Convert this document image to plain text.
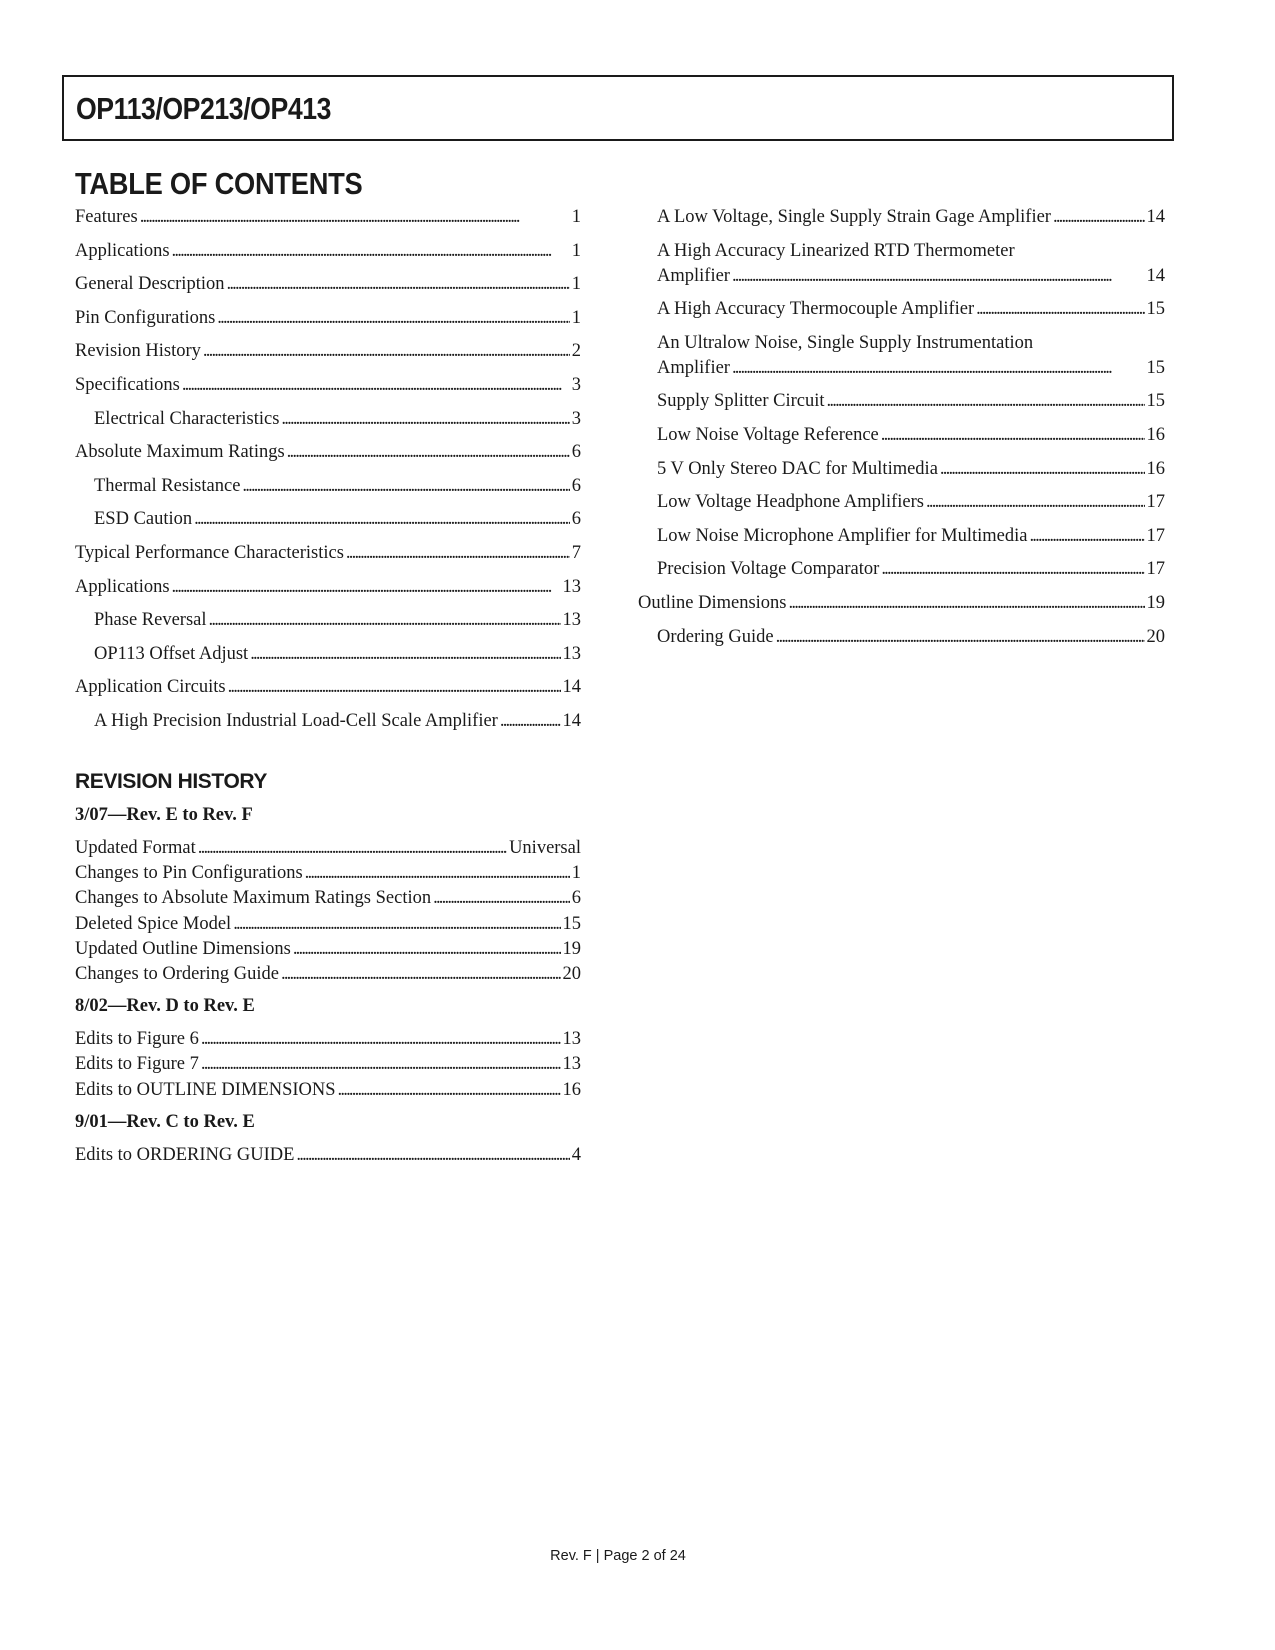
OP113/OP213/OP413
TABLE OF CONTENTS
Features . . .	1
Applications . . .	1
General Description . . .	1
Pin Configurations . . .	1
Revision History . . .	2
Specifications . . .	3
Electrical Characteristics . . .	3
Absolute Maximum Ratings . . .	6
Thermal Resistance . . .	6
ESD Caution . . .	6
Typical Performance Characteristics . . .	7
Applications . . .	13
Phase Reversal . . .	13
OP113 Offset Adjust . . .	13
Application Circuits . . .	14
A High Precision Industrial Load-Cell Scale Amplifier . . .	14
A Low Voltage, Single Supply Strain Gage Amplifier . . .	14
A High Accuracy Linearized RTD Thermometer
Amplifier . . .	14
A High Accuracy Thermocouple Amplifier . . .	15
An Ultralow Noise, Single Supply Instrumentation
Amplifier . . .	15
Supply Splitter Circuit . . .	15
Low Noise Voltage Reference . . .	16
5 V Only Stereo DAC for Multimedia . . .	16
Low Voltage Headphone Amplifiers . . .	17
Low Noise Microphone Amplifier for Multimedia . . .	17
Precision Voltage Comparator . . .	17
Outline Dimensions . . .	19
Ordering Guide . . .	20
REVISION HISTORY

3/07—Rev. E to Rev. F

Updated Format . . .	Universal
Changes to Pin Configurations . . .	1
Changes to Absolute Maximum Ratings Section . . .	6
Deleted Spice Model . . .	15
Updated Outline Dimensions . . .	19
Changes to Ordering Guide . . .	20

8/02—Rev. D to Rev. E

Edits to Figure 6 . . .	13
Edits to Figure 7 . . .	13
Edits to OUTLINE DIMENSIONS . . .	16

9/01—Rev. C to Rev. E

Edits to ORDERING GUIDE . . .	4
Rev. F | Page 2 of 24
